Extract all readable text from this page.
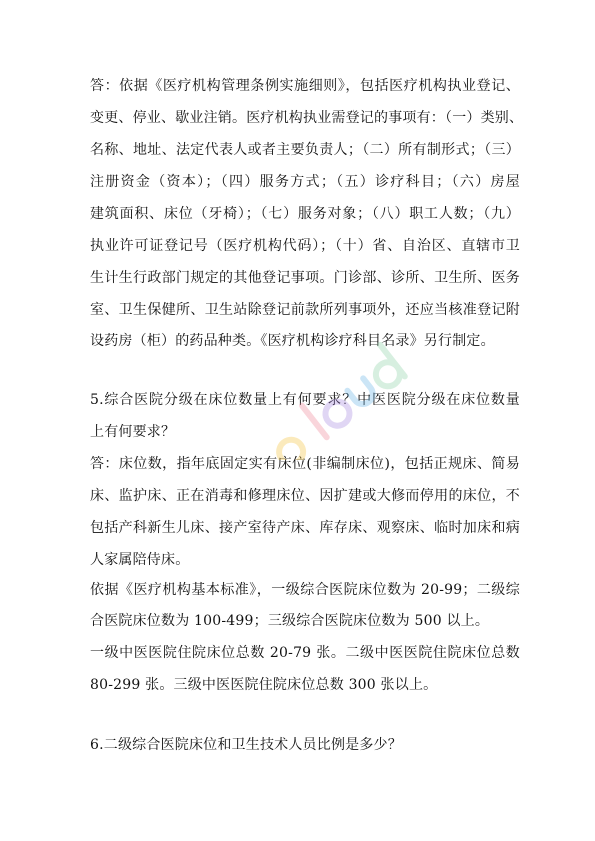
答：依据《医疗机构管理条例实施细则》，包括医疗机构执业登记、

变更、停业、歇业注销。医疗机构执业需登记的事项有：（一）类别、

名称、地址、法定代表人或者主要负责人；（二）所有制形式；（三）

注册资金（资本）；（四）服务方式；（五）诊疗科目；（六）房屋

建筑面积、床位（牙椅）；（七）服务对象；（八）职工人数；（九）

执业许可证登记号（医疗机构代码）；（十）省、自治区、直辖市卫

生计生行政部门规定的其他登记事项。门诊部、诊所、卫生所、医务

室、卫生保健所、卫生站除登记前款所列事项外，还应当核准登记附

设药房（柜）的药品种类。《医疗机构诊疗科目名录》另行制定。

5.综合医院分级在床位数量上有何要求？中医医院分级在床位数量

上有何要求？

答：床位数，指年底固定实有床位(非编制床位)，包括正规床、简易

床、监护床、正在消毒和修理床位、因扩建或大修而停用的床位，不

包括产科新生儿床、接产室待产床、库存床、观察床、临时加床和病

人家属陪侍床。

依据《医疗机构基本标准》，一级综合医院床位数为 20-99；二级综

合医院床位数为 100-499；三级综合医院床位数为 500 以上。

一级中医医院住院床位总数 20-79 张。二级中医医院住院床位总数

80-299 张。三级中医医院住院床位总数 300 张以上。

6.二级综合医院床位和卫生技术人员比例是多少？
